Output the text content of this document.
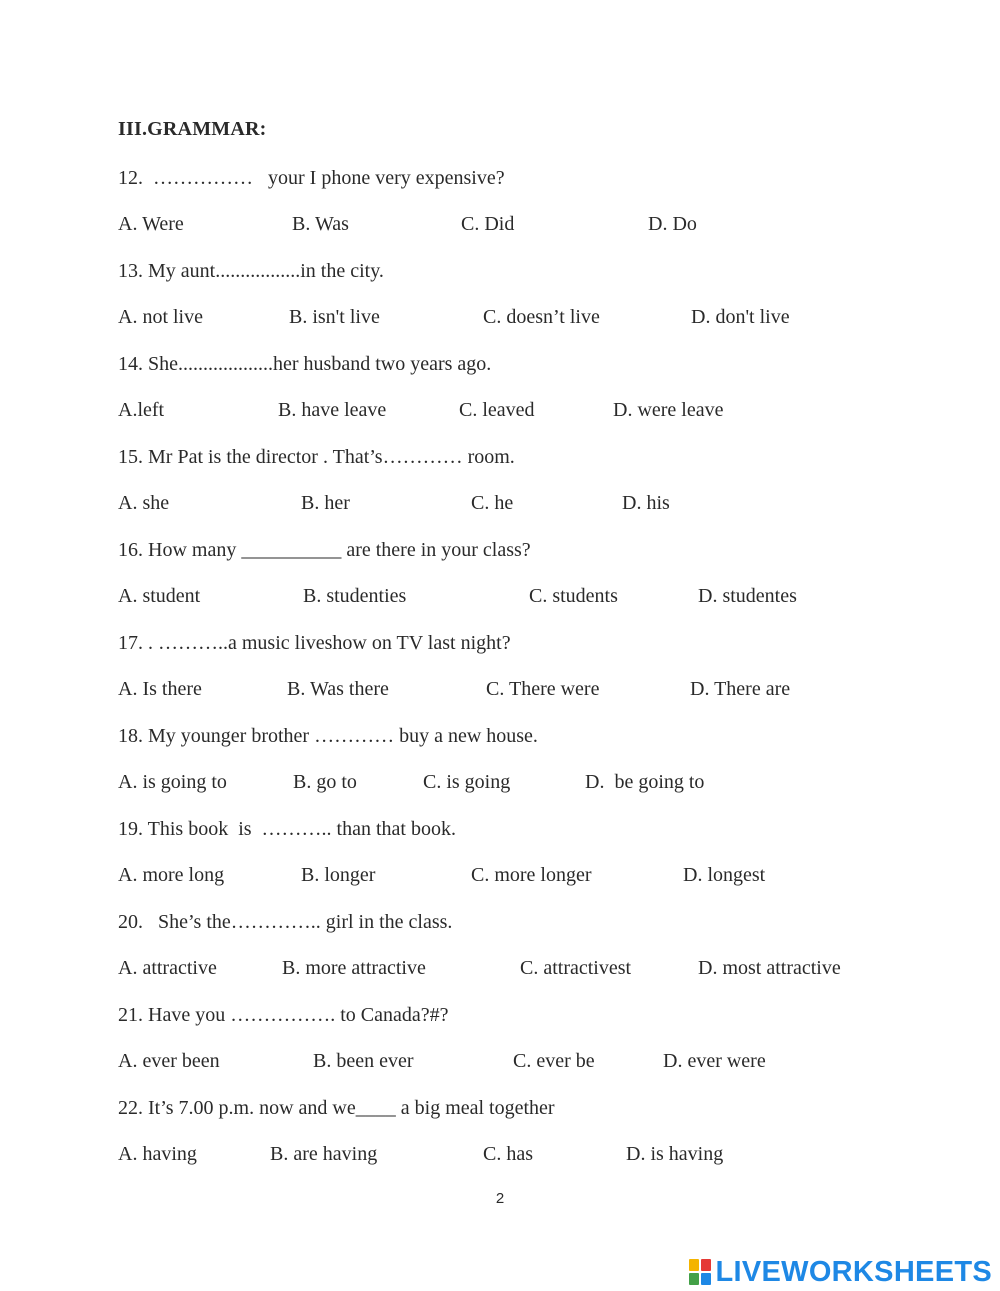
III.GRAMMAR:
12.  ……………   your I phone very expensive?
A. Were	B. Was	C. Did	D. Do
13. My aunt.................in the city.
A. not live	B. isn't live	C. doesn’t live	D. don't live
14. She...................her husband two years ago.
A.left	B. have leave	C. leaved	D. were leave
15. Mr Pat is the director . That’s………… room.
A. she	B. her	C. he	D. his
16. How many __________ are there in your class?
A. student	B. studenties	C. students	D. studentes
17. . ………..a music liveshow on TV last night?
A. Is there	B. Was there	C. There were	D. There are
18. My younger brother ………… buy a new house.
A. is going to	B. go to	C. is going	D.  be going to
19. This book  is  ……….. than that book.
A. more long	B. longer	C. more longer	D. longest
20.   She’s the………….. girl in the class.
A. attractive	B. more attractive	C. attractivest	D. most attractive
21. Have you ……………. to Canada?#?
A. ever been	B. been ever	C. ever be	D. ever were
22. It’s 7.00 p.m. now and we____ a big meal together
A. having	B. are having	C. has	D. is having
2
LIVEWORKSHEETS
